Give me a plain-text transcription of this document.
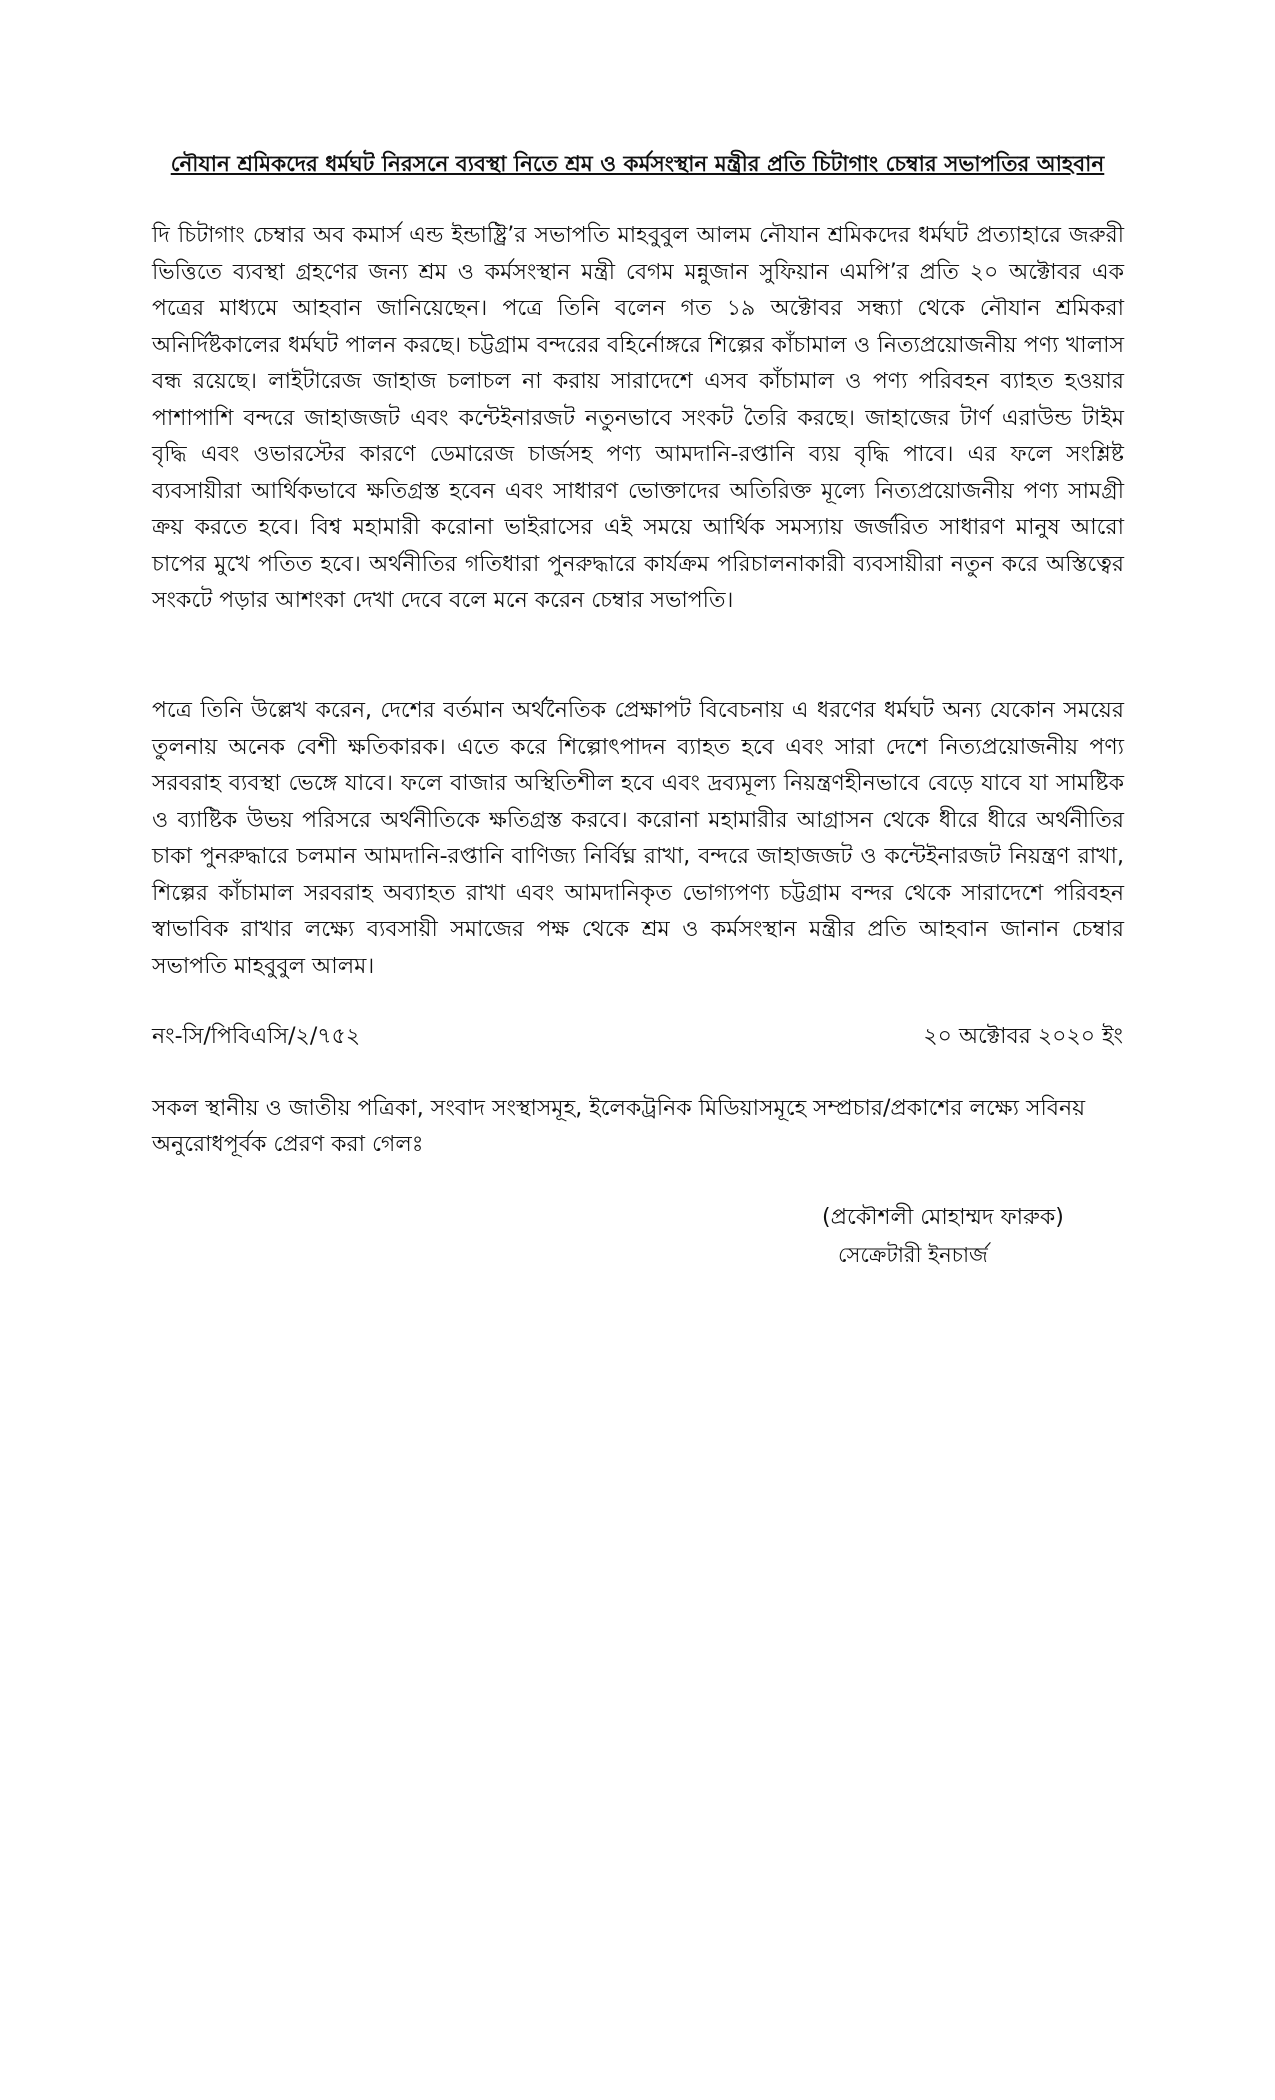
নৌযান শ্রমিকদের ধর্মঘট নিরসনে ব্যবস্থা নিতে শ্রম ও কর্মসংস্থান মন্ত্রীর প্রতি চিটাগাং চেম্বার সভাপতির আহবান

দি চিটাগাং চেম্বার অব কমার্স এন্ড ইন্ডাষ্ট্রি’র সভাপতি মাহবুবুল আলম নৌযান শ্রমিকদের ধর্মঘট প্রত্যাহারে জরুরী ভিত্তিতে ব্যবস্থা গ্রহণের জন্য শ্রম ও কর্মসংস্থান মন্ত্রী বেগম মন্নুজান সুফিয়ান এমপি’র প্রতি ২০ অক্টোবর এক পত্রের মাধ্যমে আহবান জানিয়েছেন। পত্রে তিনি বলেন গত ১৯ অক্টোবর সন্ধ্যা থেকে নৌযান শ্রমিকরা অনির্দিষ্টকালের ধর্মঘট পালন করছে। চট্টগ্রাম বন্দরের বহির্নোঙ্গরে শিল্পের কাঁচামাল ও নিত্যপ্রয়োজনীয় পণ্য খালাস বন্ধ রয়েছে। লাইটারেজ জাহাজ চলাচল না করায় সারাদেশে এসব কাঁচামাল ও পণ্য পরিবহন ব্যাহত হওয়ার পাশাপাশি বন্দরে জাহাজজট এবং কন্টেইনারজট নতুনভাবে সংকট তৈরি করছে। জাহাজের টার্ণ এরাউন্ড টাইম বৃদ্ধি এবং ওভারস্টের কারণে ডেমারেজ চার্জসহ পণ্য আমদানি-রপ্তানি ব্যয় বৃদ্ধি পাবে। এর ফলে সংশ্লিষ্ট ব্যবসায়ীরা আর্থিকভাবে ক্ষতিগ্রস্ত হবেন এবং সাধারণ ভোক্তাদের অতিরিক্ত মূল্যে নিত্যপ্রয়োজনীয় পণ্য সামগ্রী ক্রয় করতে হবে। বিশ্ব মহামারী করোনা ভাইরাসের এই সময়ে আর্থিক সমস্যায় জর্জরিত সাধারণ মানুষ আরো চাপের মুখে পতিত হবে। অর্থনীতির গতিধারা পুনরুদ্ধারে কার্যক্রম পরিচালনাকারী ব্যবসায়ীরা নতুন করে অস্তিত্বের সংকটে পড়ার আশংকা দেখা দেবে বলে মনে করেন চেম্বার সভাপতি।

পত্রে তিনি উল্লেখ করেন, দেশের বর্তমান অর্থনৈতিক প্রেক্ষাপট বিবেচনায় এ ধরণের ধর্মঘট অন্য যেকোন সময়ের তুলনায় অনেক বেশী ক্ষতিকারক। এতে করে শিল্পোৎপাদন ব্যাহত হবে এবং সারা দেশে নিত্যপ্রয়োজনীয় পণ্য সরবরাহ ব্যবস্থা ভেঙ্গে যাবে। ফলে বাজার অস্থিতিশীল হবে এবং দ্রব্যমূল্য নিয়ন্ত্রণহীনভাবে বেড়ে যাবে যা সামষ্টিক ও ব্যাষ্টিক উভয় পরিসরে অর্থনীতিকে ক্ষতিগ্রস্ত করবে। করোনা মহামারীর আগ্রাসন থেকে ধীরে ধীরে অর্থনীতির চাকা পুনরুদ্ধারে চলমান আমদানি-রপ্তানি বাণিজ্য নির্বিঘ্ন রাখা, বন্দরে জাহাজজট ও কন্টেইনারজট নিয়ন্ত্রণ রাখা, শিল্পের কাঁচামাল সরবরাহ অব্যাহত রাখা এবং আমদানিকৃত ভোগ্যপণ্য চট্টগ্রাম বন্দর থেকে সারাদেশে পরিবহন স্বাভাবিক রাখার লক্ষ্যে ব্যবসায়ী সমাজের পক্ষ থেকে শ্রম ও কর্মসংস্থান মন্ত্রীর প্রতি আহবান জানান চেম্বার সভাপতি মাহবুবুল আলম।

নং-সি/পিবিএসি/২/৭৫২	২০ অক্টোবর ২০২০ ইং

সকল স্থানীয় ও জাতীয় পত্রিকা, সংবাদ সংস্থাসমূহ, ইলেকট্রনিক মিডিয়াসমূহে সম্প্রচার/প্রকাশের লক্ষ্যে সবিনয় অনুরোধপূর্বক প্রেরণ করা গেলঃ

(প্রকৌশলী মোহাম্মদ ফারুক)
সেক্রেটারী ইনচার্জ
